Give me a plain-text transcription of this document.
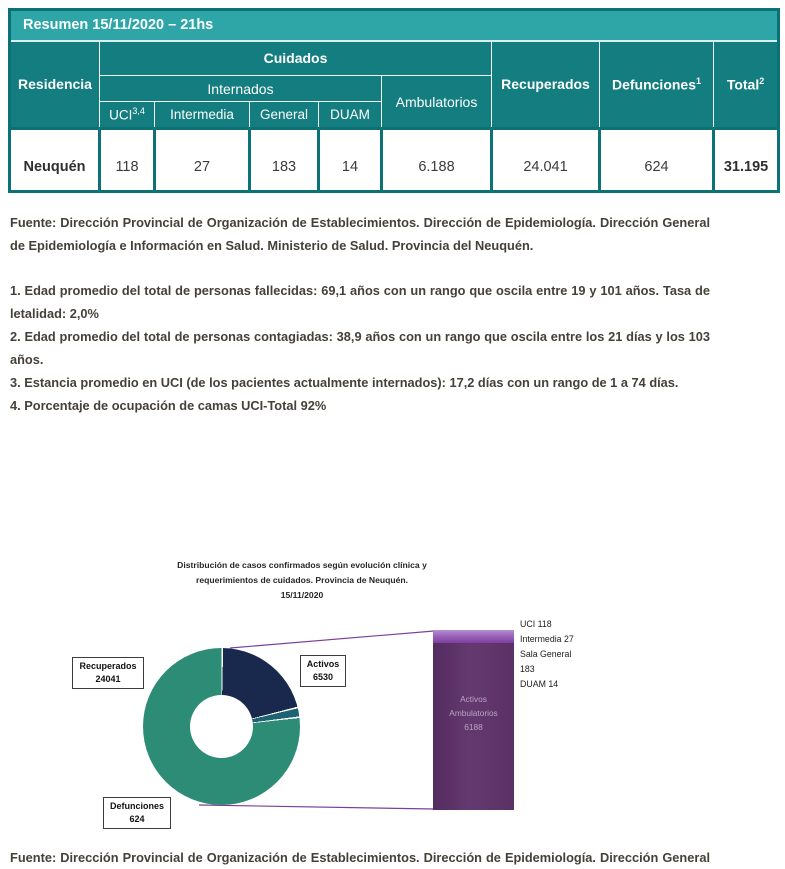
Resumen 15/11/2020 – 21hs								
Residencia	Cuidados					Recuperados	Defunciones$^1$	Total$^2$
	Internados				Ambulatorios			
	UCI$^{3,4}$	Intermedia	General	DUAM				
Neuquén	118	27	183	14	6.188	24.041	624	31.195
Fuente: Dirección Provincial de Organización de Establecimientos. Dirección de Epidemiología. Dirección General
de Epidemiología e Información en Salud. Ministerio de Salud. Provincia del Neuquén.
1. Edad promedio del total de personas fallecidas: 69,1 años con un rango que oscila entre 19 y 101 años. Tasa de
letalidad: 2,0%
2. Edad promedio del total de personas contagiadas: 38,9 años con un rango que oscila entre los 21 días y los 103
años.
3. Estancia promedio en UCI (de los pacientes actualmente internados): 17,2 días con un rango de 1 a 74 días.
4. Porcentaje de ocupación de camas UCI-Total 92%
Distribución de casos confirmados según evolución clínica y
requerimientos de cuidados. Provincia de Neuquén.
15/11/2020
Recuperados
24041
Activos
6530
Defunciones
624
Activos
Ambulatorios
6188
UCI 118
Intermedia 27
Sala General
183
DUAM 14
Fuente: Dirección Provincial de Organización de Establecimientos. Dirección de Epidemiología. Dirección General
